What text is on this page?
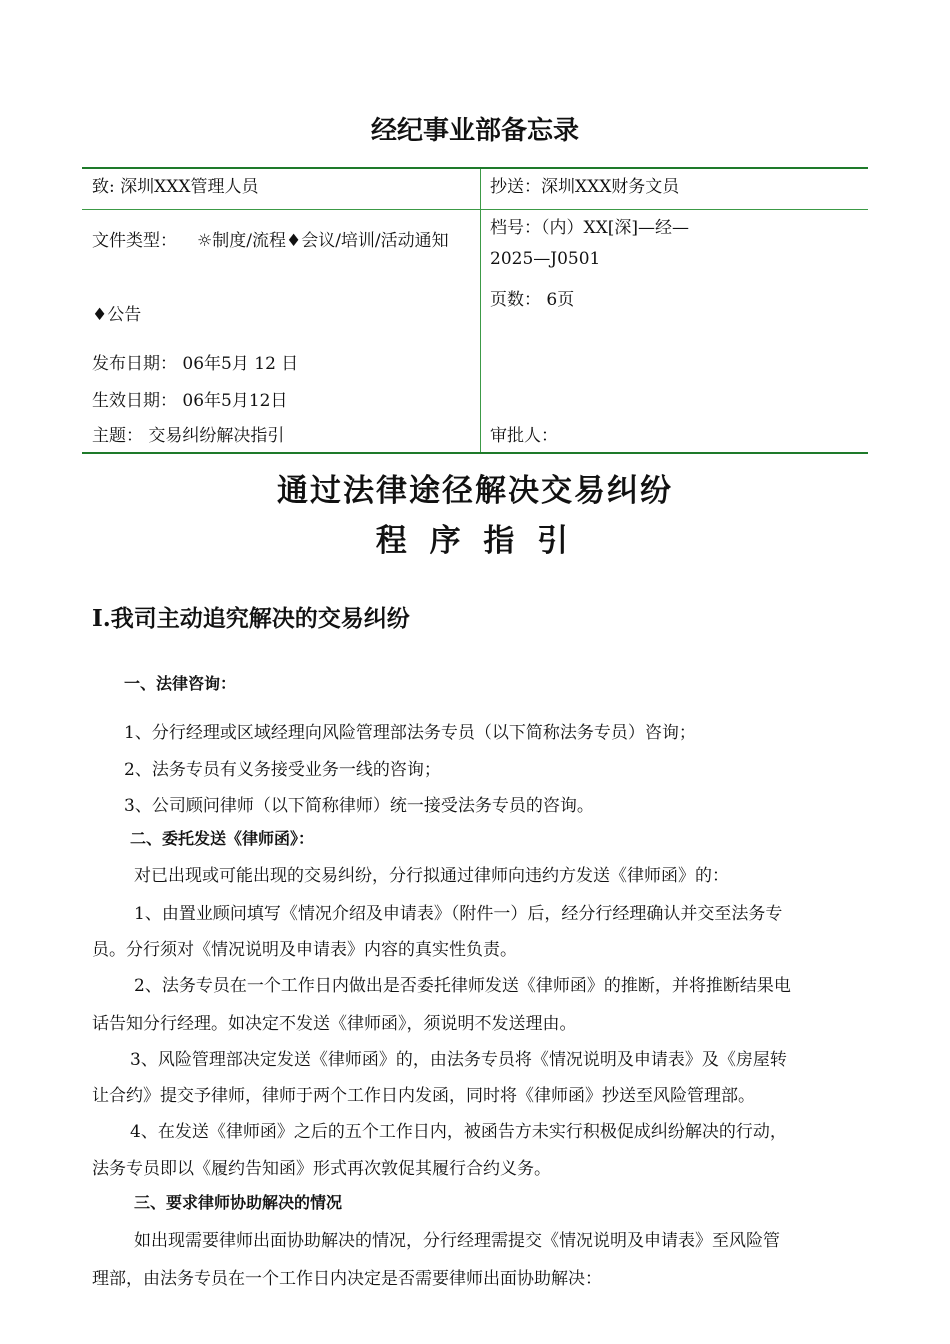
经纪事业部备忘录
致: 深圳XXX管理人员	抄送：深圳XXX财务文员
文件类型： ☼制度/流程♦会议/培训/活动通知
♦公告
发布日期： 06年5月 12 日
生效日期： 06年5月12日
主题： 交易纠纷解决指引
档号：（内）XX[深]—经—
2025—J0501
页数： 6页
审批人：
通过法律途径解决交易纠纷
程 序 指 引
I.我司主动追究解决的交易纠纷
一、法律咨询：
1、分行经理或区域经理向风险管理部法务专员（以下简称法务专员）咨询；
2、法务专员有义务接受业务一线的咨询；
3、公司顾问律师（以下简称律师）统一接受法务专员的咨询。
二、委托发送《律师函》：
对已出现或可能出现的交易纠纷，分行拟通过律师向违约方发送《律师函》的：
1、由置业顾问填写《情况介绍及申请表》（附件一）后，经分行经理确认并交至法务专
员。分行须对《情况说明及申请表》内容的真实性负责。
2、法务专员在一个工作日内做出是否委托律师发送《律师函》的推断，并将推断结果电
话告知分行经理。如决定不发送《律师函》，须说明不发送理由。
3、风险管理部决定发送《律师函》的，由法务专员将《情况说明及申请表》及《房屋转
让合约》提交予律师，律师于两个工作日内发函，同时将《律师函》抄送至风险管理部。
4、在发送《律师函》之后的五个工作日内，被函告方未实行积极促成纠纷解决的行动，
法务专员即以《履约告知函》形式再次敦促其履行合约义务。
三、要求律师协助解决的情况
如出现需要律师出面协助解决的情况，分行经理需提交《情况说明及申请表》至风险管
理部，由法务专员在一个工作日内决定是否需要律师出面协助解决：
